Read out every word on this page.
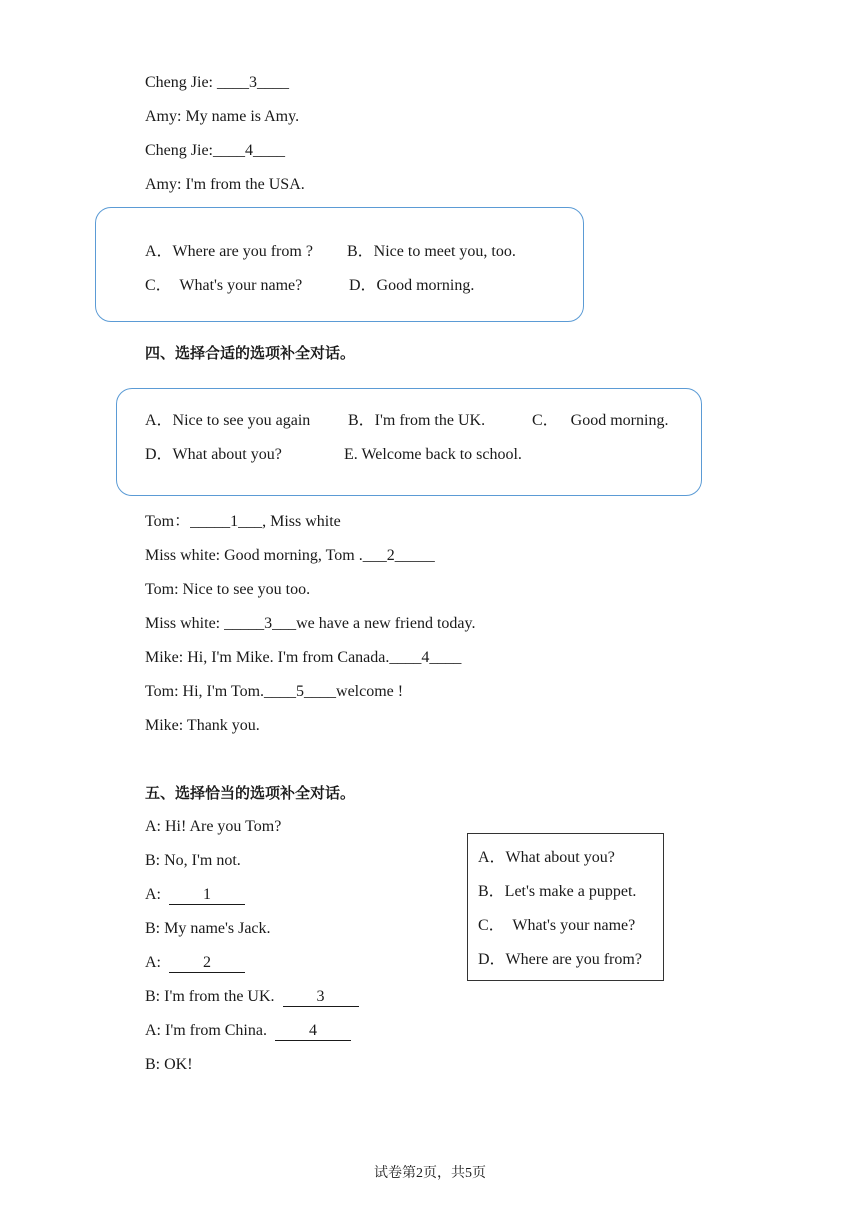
Cheng Jie: ____3____
Amy: My name is Amy.
Cheng Jie:____4____
Amy: I'm from the USA.
A．Where are you from ? B．Nice to meet you, too.
C．  What's your name?	D．Good morning.
四、选择合适的选项补全对话。
A．Nice to see you again B．I'm from the UK.	C．   Good morning.
D．What about you?	E. Welcome back to school.
Tom：_____1___, Miss white
Miss white: Good morning, Tom .___2_____
Tom: Nice to see you too.
Miss white: _____3___we have a new friend today.
Mike: Hi, I'm Mike. I'm from Canada.____4____
Tom: Hi, I'm Tom.____5____welcome !
Mike: Thank you.
五、选择恰当的选项补全对话。
A: Hi! Are you Tom?
B: No, I'm not.
A:  1
B: My name's Jack.
A:  2
B: I'm from the UK.  3
A: I'm from China.  4
B: OK!
A．What about you?
B．Let's make a puppet.
C．  What's your name?
D．Where are you from?
试卷第2页，共5页
